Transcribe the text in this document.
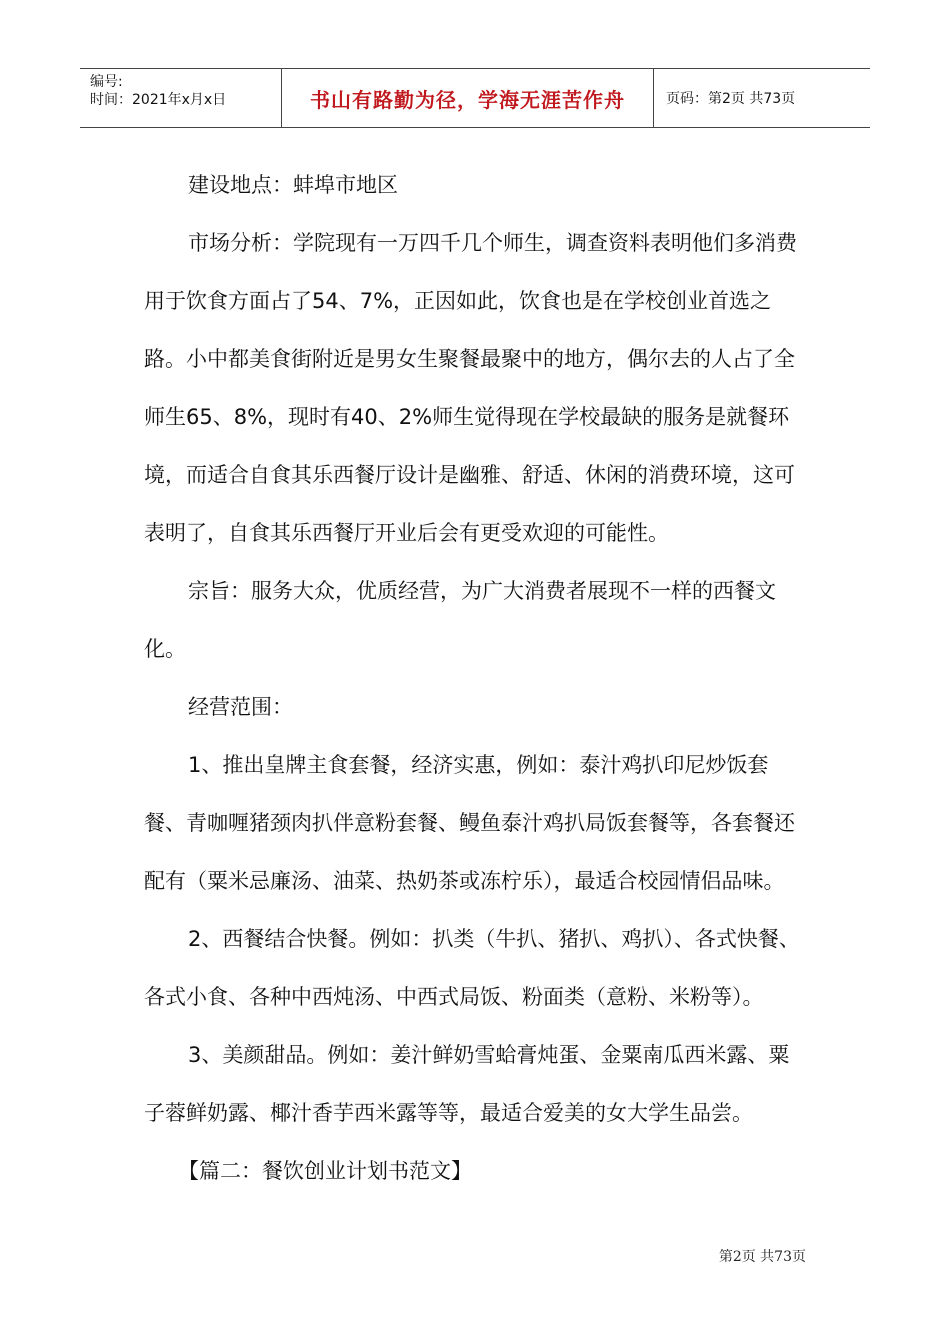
编号:
时间：2021年x月x日	书山有路勤为径，学海无涯苦作舟	页码：第2页 共73页

建设地点：蚌埠市地区

市场分析：学院现有一万四千几个师生，调查资料表明他们多消费用于饮食方面占了54、7%，正因如此，饮食也是在学校创业首选之路。小中都美食街附近是男女生聚餐最聚中的地方，偶尔去的人占了全师生65、8%，现时有40、2%师生觉得现在学校最缺的服务是就餐环境，而适合自食其乐西餐厅设计是幽雅、舒适、休闲的消费环境，这可表明了，自食其乐西餐厅开业后会有更受欢迎的可能性。

宗旨：服务大众，优质经营，为广大消费者展现不一样的西餐文化。

经营范围：

1、推出皇牌主食套餐，经济实惠，例如：泰汁鸡扒印尼炒饭套餐、青咖喱猪颈肉扒伴意粉套餐、鳗鱼泰汁鸡扒局饭套餐等，各套餐还配有（粟米忌廉汤、油菜、热奶茶或冻柠乐），最适合校园情侣品味。

2、西餐结合快餐。例如：扒类（牛扒、猪扒、鸡扒）、各式快餐、各式小食、各种中西炖汤、中西式局饭、粉面类（意粉、米粉等）。

3、美颜甜品。例如：姜汁鲜奶雪蛤膏炖蛋、金粟南瓜西米露、粟子蓉鲜奶露、椰汁香芋西米露等等，最适合爱美的女大学生品尝。

【篇二：餐饮创业计划书范文】

第2页 共73页
